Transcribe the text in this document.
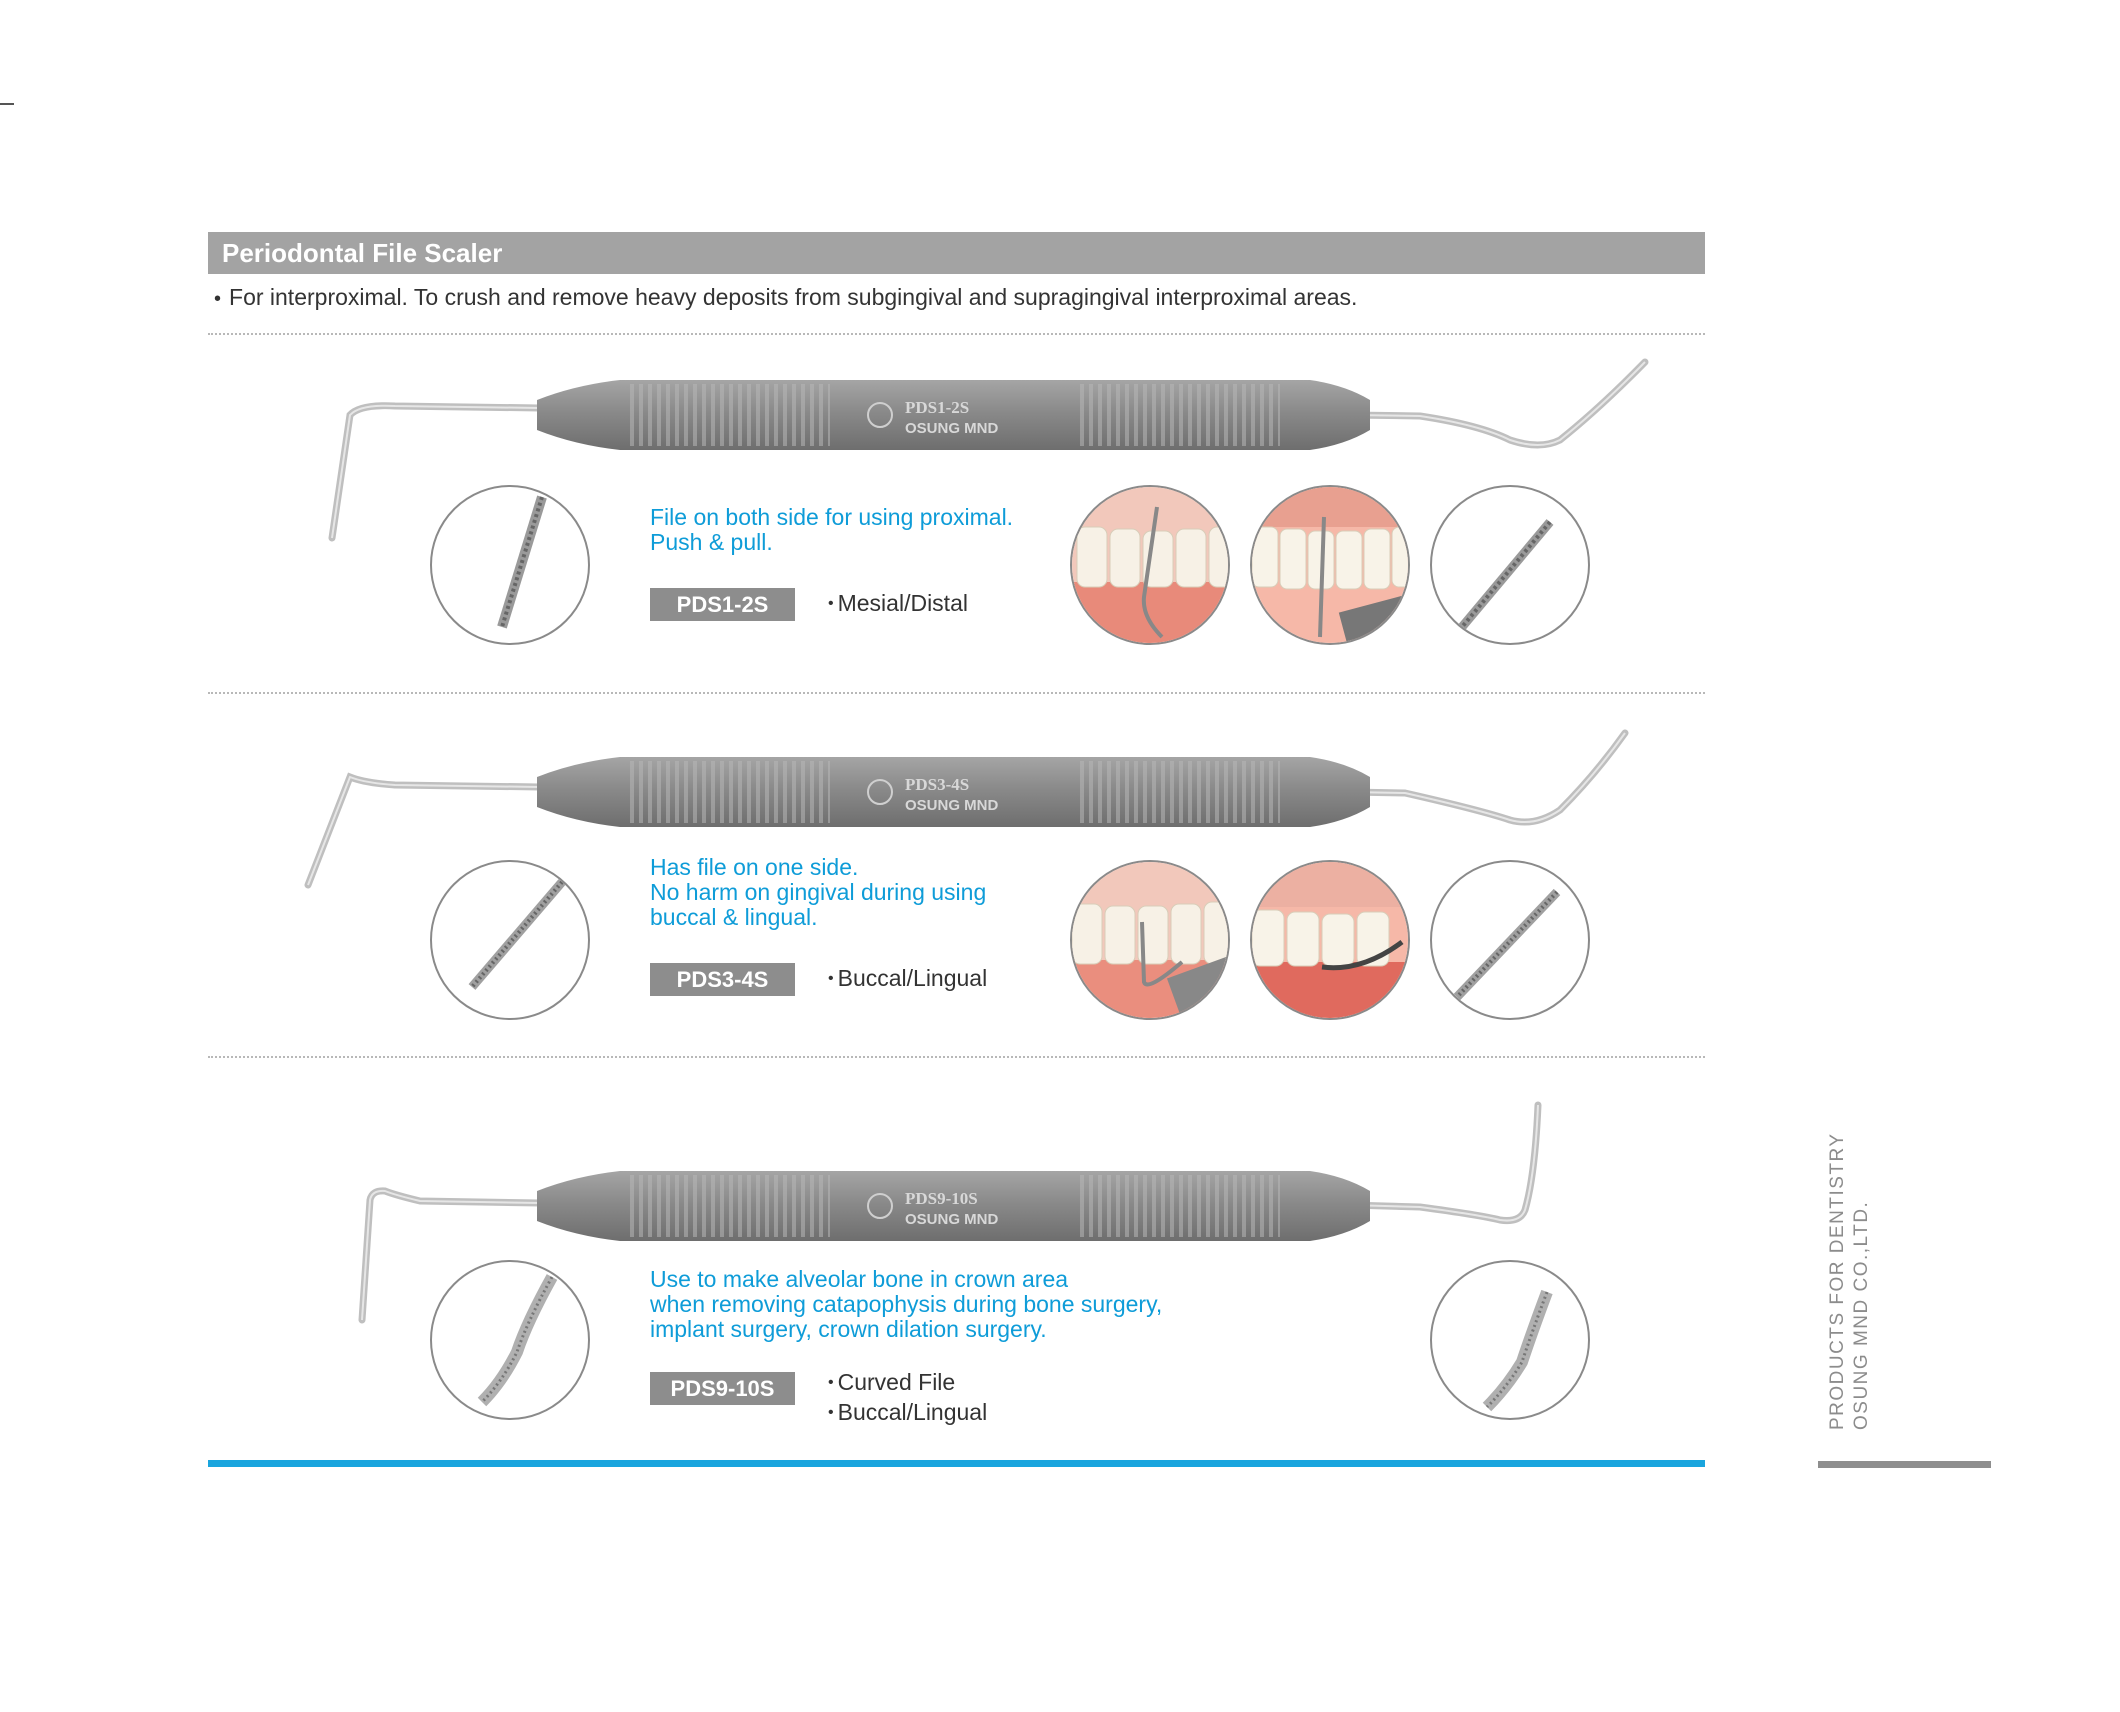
Periodontal File Scaler
• For interproximal. To crush and remove heavy deposits from subgingival and supragingival interproximal areas.
PDS1-2S
OSUNG MND
File on both side for using proximal.
Push & pull.
PDS1-2S	• Mesial/Distal
PDS3-4S
OSUNG MND
Has file on one side.
No harm on gingival during using
buccal & lingual.
PDS3-4S	• Buccal/Lingual
PDS9-10S
OSUNG MND
Use to make alveolar bone in crown area
when removing catapophysis during bone surgery,
implant surgery, crown dilation surgery.
PDS9-10S	• Curved File
• Buccal/Lingual	PRODUCTS FOR DENTISTRY OSUNG MND CO.,LTD.
